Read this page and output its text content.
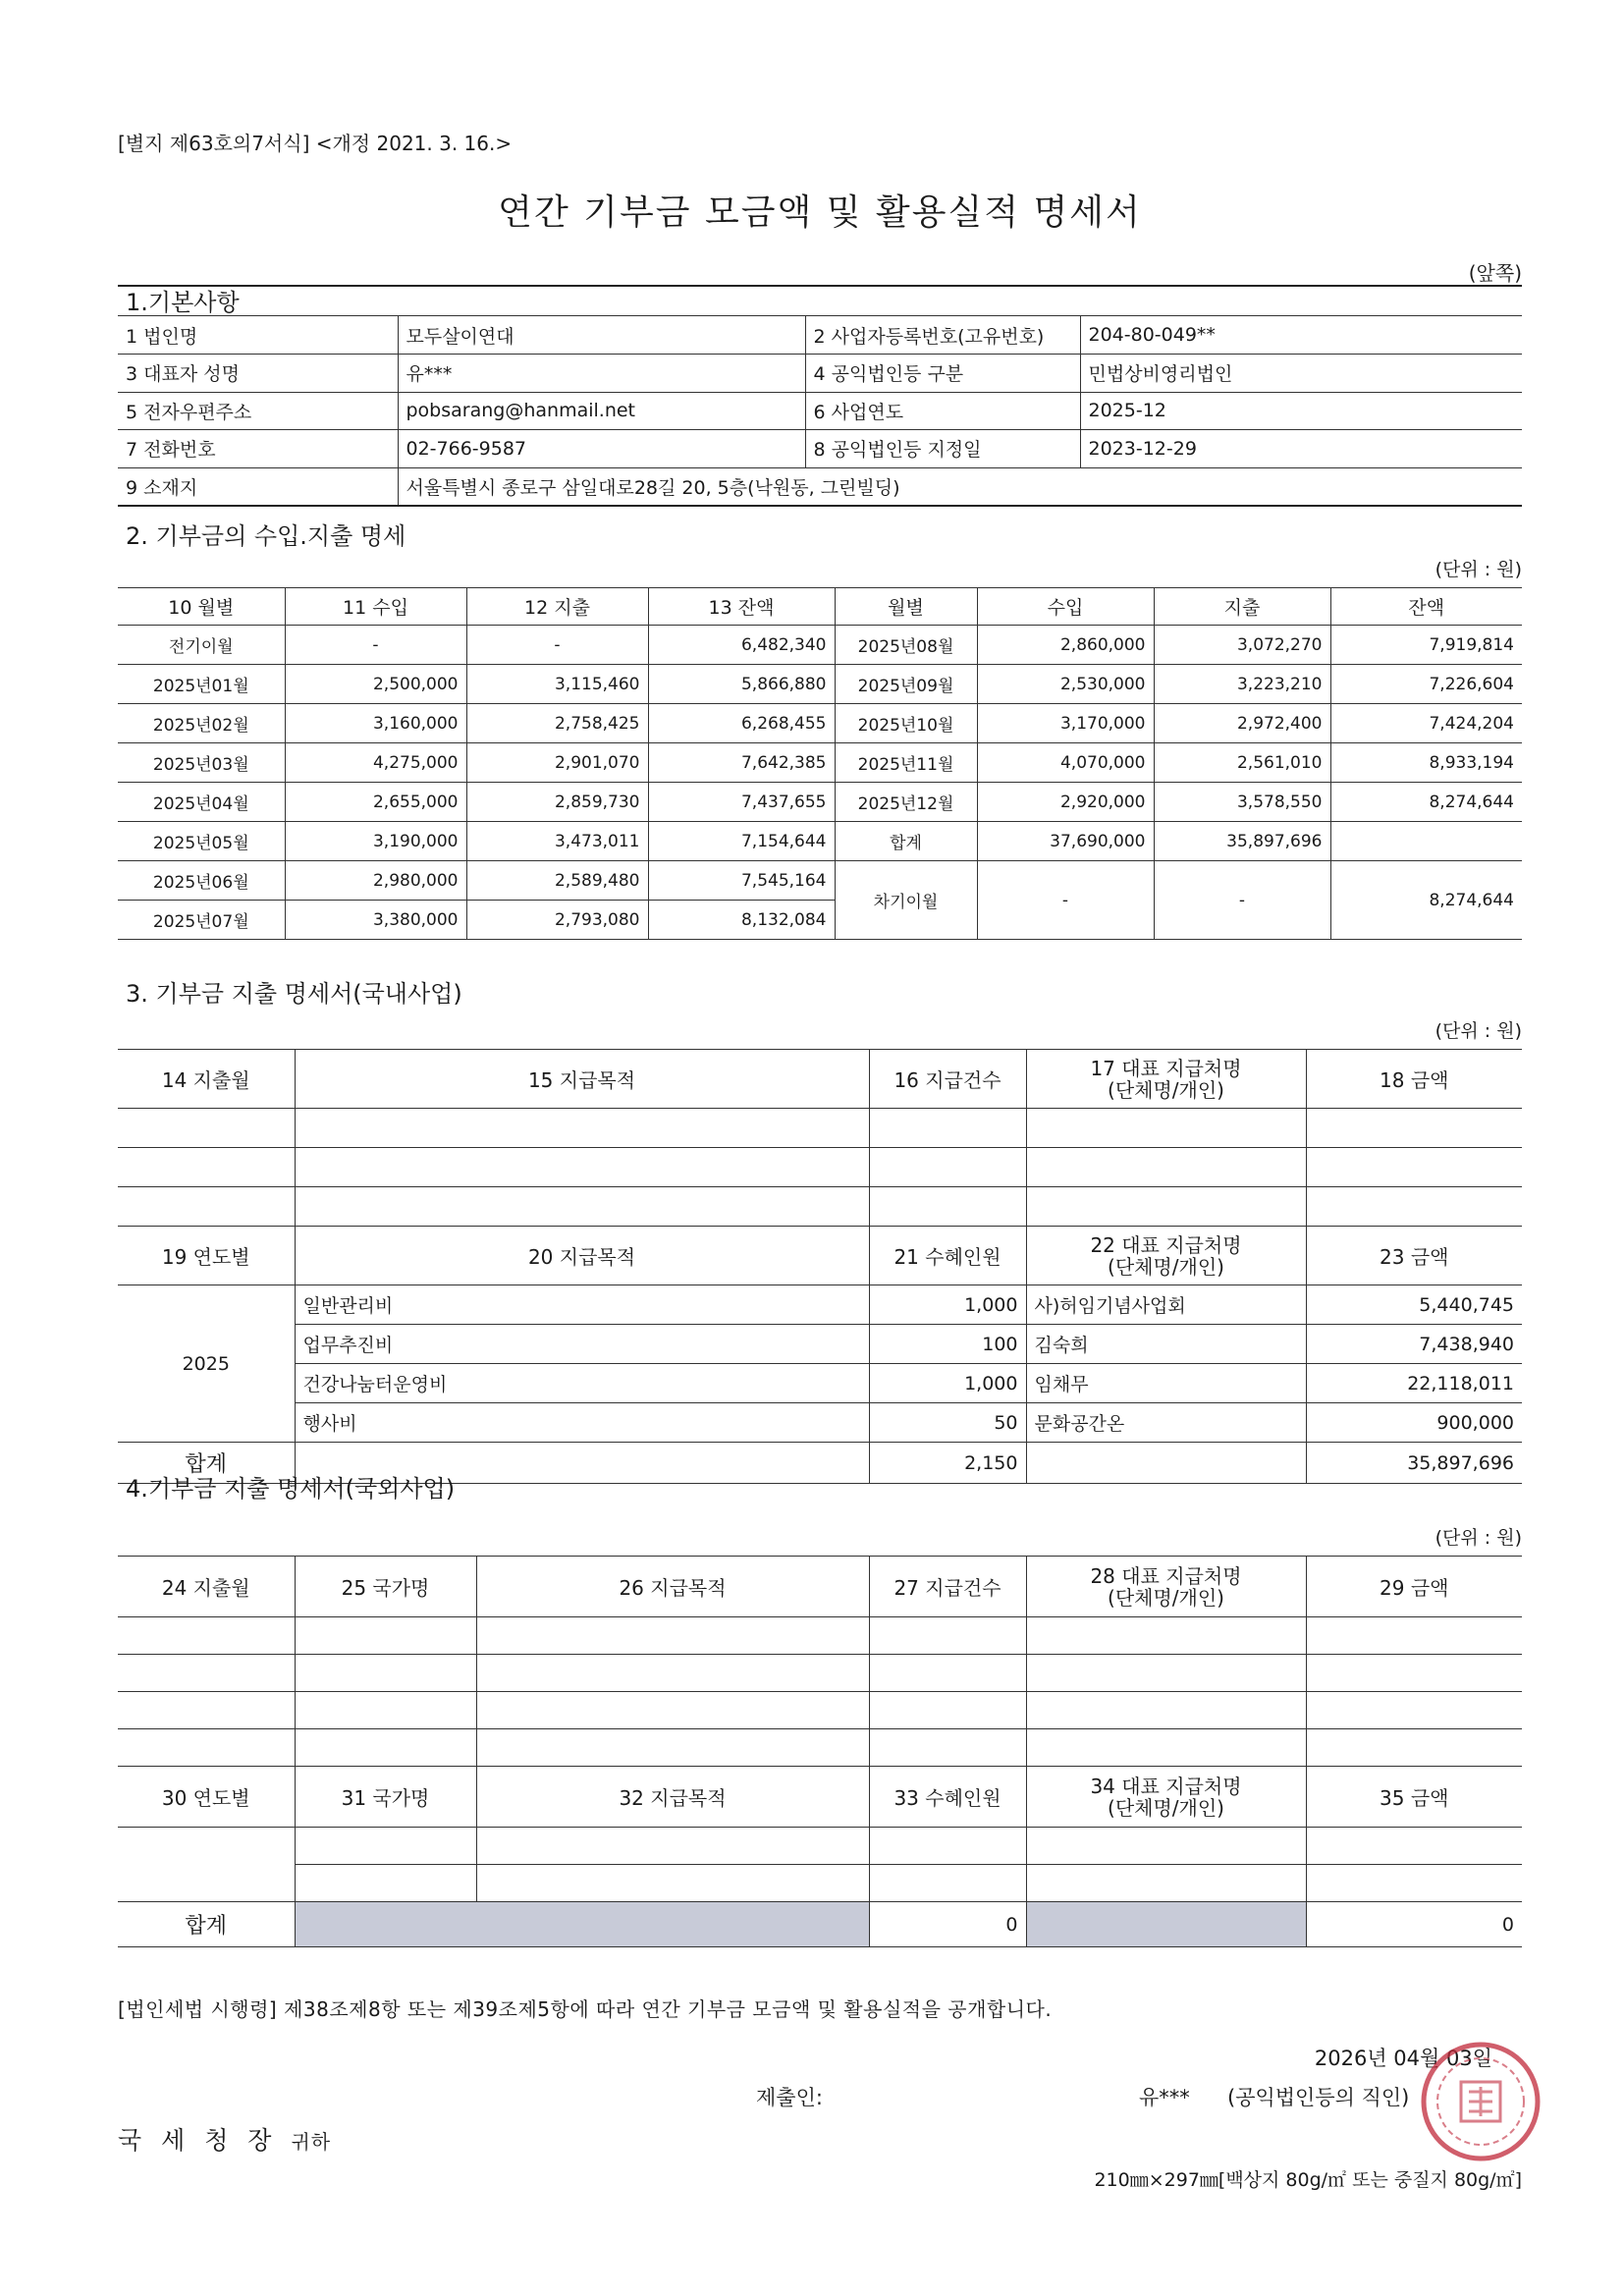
[별지 제63호의7서식] <개정 2021. 3. 16.>
연간 기부금 모금액 및 활용실적 명세서
(앞쪽)
1.기본사항
1 법인명	모두살이연대	2 사업자등록번호(고유번호)	204-80-049**
3 대표자 성명	유***	4 공익법인등 구분	민법상비영리법인
5 전자우편주소	pobsarang@hanmail.net	6 사업연도	2025-12
7 전화번호	02-766-9587	8 공익법인등 지정일	2023-12-29
9 소재지	서울특별시 종로구 삼일대로28길 20, 5층(낙원동, 그린빌딩)		
2. 기부금의 수입.지출 명세
(단위 : 원)
10 월별	11 수입	12 지출	13 잔액	월별	수입	지출	잔액
전기이월	-	-	6,482,340	2025년08월	2,860,000	3,072,270	7,919,814
2025년01월	2,500,000	3,115,460	5,866,880	2025년09월	2,530,000	3,223,210	7,226,604
2025년02월	3,160,000	2,758,425	6,268,455	2025년10월	3,170,000	2,972,400	7,424,204
2025년03월	4,275,000	2,901,070	7,642,385	2025년11월	4,070,000	2,561,010	8,933,194
2025년04월	2,655,000	2,859,730	7,437,655	2025년12월	2,920,000	3,578,550	8,274,644
2025년05월	3,190,000	3,473,011	7,154,644	합계	37,690,000	35,897,696	
2025년06월	2,980,000	2,589,480	7,545,164	차기이월	-	-	8,274,644
2025년07월	3,380,000	2,793,080	8,132,084				
3. 기부금 지출 명세서(국내사업)
(단위 : 원)
14 지출월	15 지급목적	16 지급건수	17 대표 지급처명
(단체명/개인)	18 금액

19 연도별	20 지급목적	21 수혜인원	22 대표 지급처명
(단체명/개인)	23 금액
2025	일반관리비	1,000	사)허임기념사업회	5,440,745
	업무추진비	100	김숙희	7,438,940
	건강나눔터운영비	1,000	임채무	22,118,011
	행사비	50	문화공간온	900,000
합계		2,150		35,897,696
4.기부금 지출 명세서(국외사업)
(단위 : 원)
24 지출월	25 국가명	26 지급목적	27 지급건수	28 대표 지급처명
(단체명/개인)	29 금액

30 연도별	31 국가명	32 지급목적	33 수혜인원	34 대표 지급처명
(단체명/개인)	35 금액

합계			0		0
[법인세법 시행령] 제38조제8항 또는 제39조제5항에 따라 연간 기부금 모금액 및 활용실적을 공개합니다.
2026년 04월 03일
제출인:	유*** (공익법인등의 직인)
국 세 청 장 귀하
210㎜×297㎜[백상지 80g/㎡ 또는 중질지 80g/㎡]
